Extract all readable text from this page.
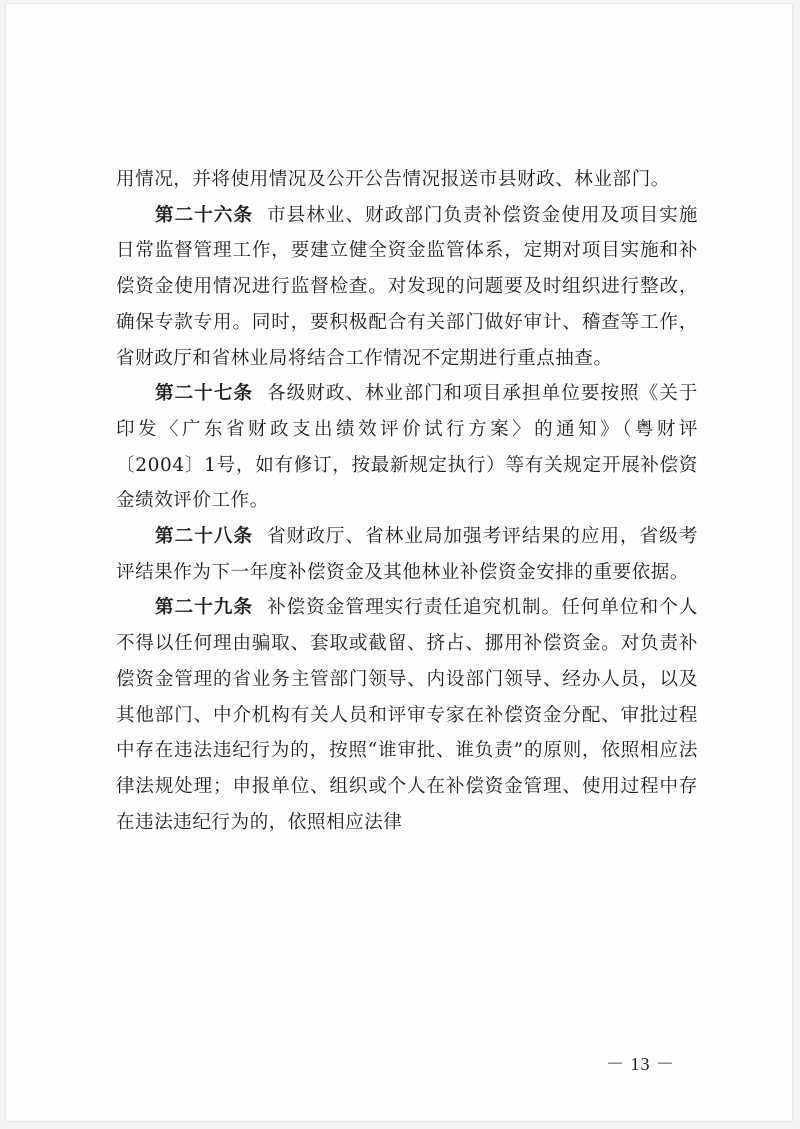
用情况，并将使用情况及公开公告情况报送市县财政、林业部门。

第二十六条 市县林业、财政部门负责补偿资金使用及项目实施日常监督管理工作，要建立健全资金监管体系，定期对项目实施和补偿资金使用情况进行监督检查。对发现的问题要及时组织进行整改，确保专款专用。同时，要积极配合有关部门做好审计、稽查等工作，省财政厅和省林业局将结合工作情况不定期进行重点抽查。

第二十七条 各级财政、林业部门和项目承担单位要按照《关于印发〈广东省财政支出绩效评价试行方案〉的通知》（粤财评〔2004〕1号，如有修订，按最新规定执行）等有关规定开展补偿资金绩效评价工作。

第二十八条 省财政厅、省林业局加强考评结果的应用，省级考评结果作为下一年度补偿资金及其他林业补偿资金安排的重要依据。

第二十九条 补偿资金管理实行责任追究机制。任何单位和个人不得以任何理由骗取、套取或截留、挤占、挪用补偿资金。对负责补偿资金管理的省业务主管部门领导、内设部门领导、经办人员，以及其他部门、中介机构有关人员和评审专家在补偿资金分配、审批过程中存在违法违纪行为的，按照“谁审批、谁负责”的原则，依照相应法律法规处理；申报单位、组织或个人在补偿资金管理、使用过程中存在违法违纪行为的，依照相应法律

－ 13 －
